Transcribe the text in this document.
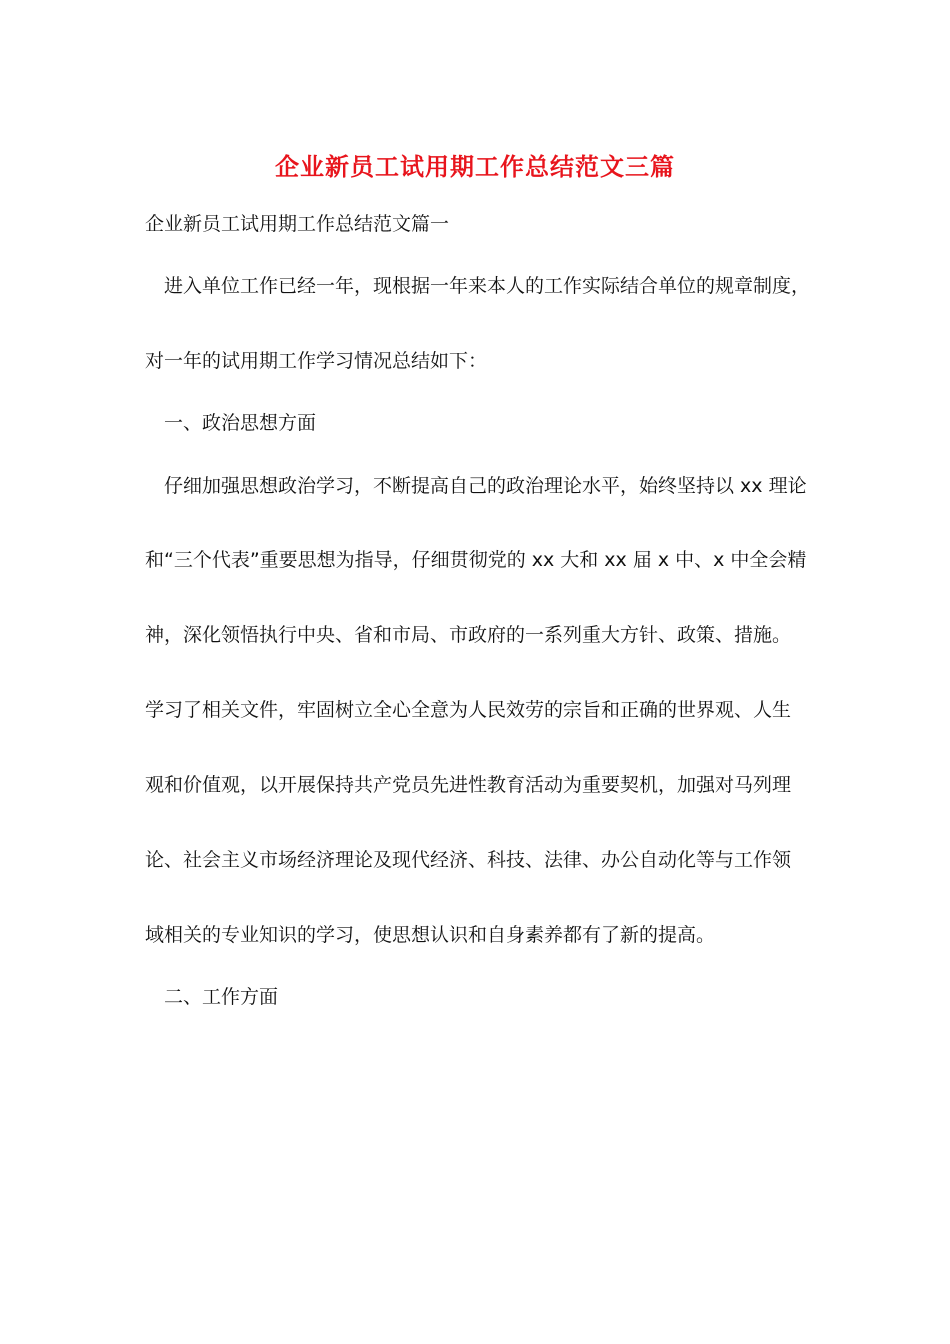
企业新员工试用期工作总结范文三篇
企业新员工试用期工作总结范文篇一
进入单位工作已经一年，现根据一年来本人的工作实际结合单位的规章制度，
对一年的试用期工作学习情况总结如下：
一、政治思想方面
仔细加强思想政治学习，不断提高自己的政治理论水平，始终坚持以 xx 理论
和“三个代表”重要思想为指导，仔细贯彻党的 xx 大和 xx 届 x 中、x 中全会精
神，深化领悟执行中央、省和市局、市政府的一系列重大方针、政策、措施。
学习了相关文件，牢固树立全心全意为人民效劳的宗旨和正确的世界观、人生
观和价值观，以开展保持共产党员先进性教育活动为重要契机，加强对马列理
论、社会主义市场经济理论及现代经济、科技、法律、办公自动化等与工作领
域相关的专业知识的学习，使思想认识和自身素养都有了新的提高。
二、工作方面
